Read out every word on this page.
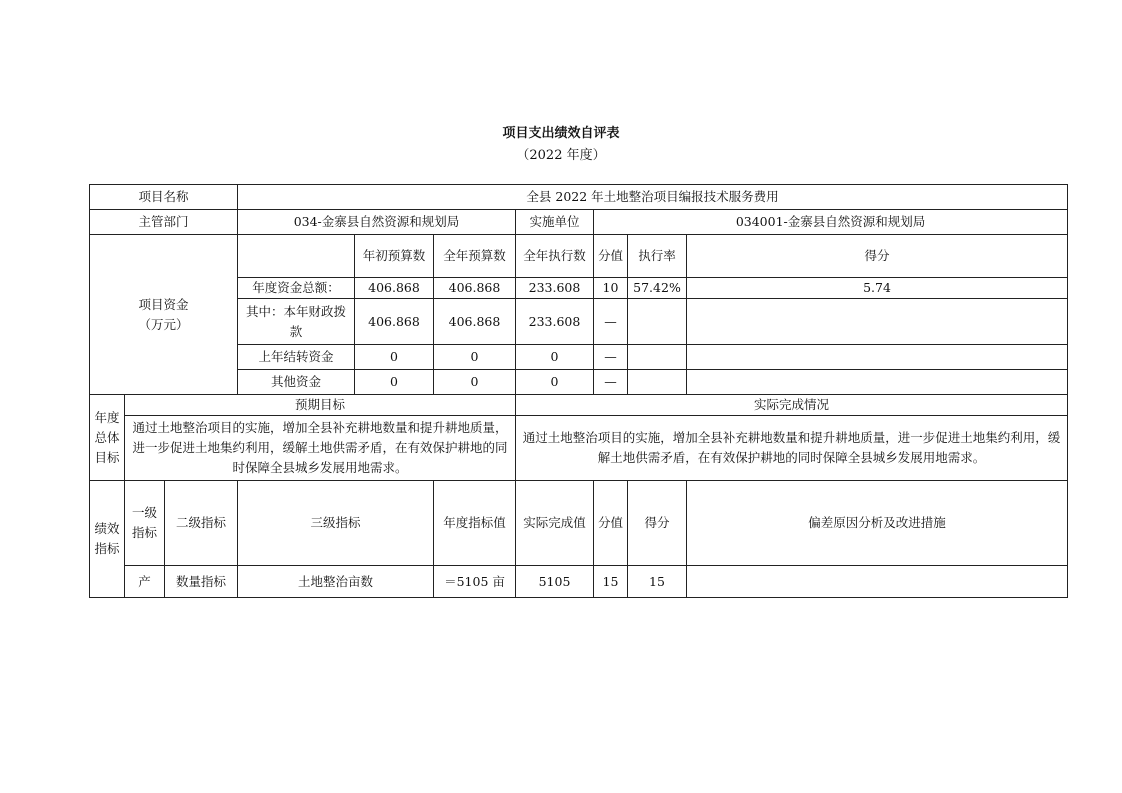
项目支出绩效自评表
（2022 年度）
项目名称			全县 2022 年土地整治项目编报技术服务费用						
主管部门			034-金寨县自然资源和规划局			实施单位	034001-金寨县自然资源和规划局		

项目资金
（万元）				年初预算数	全年预算数	全年执行数	分值	执行率	得分
			年度资金总额：	406.868	406.868	233.608	10	57.42%	5.74
			其中：本年财政拨款	406.868	406.868	233.608	—		
			上年结转资金	0	0	0	—		
			其他资金	0	0	0	—		
年度总体目标	预期目标					实际完成情况			
	通过土地整治项目的实施，增加全县补充耕地数量和提升耕地质量，进一步促进土地集约利用，缓解土地供需矛盾，在有效保护耕地的同时保障全县城乡发展用地需求。					通过土地整治项目的实施，增加全县补充耕地数量和提升耕地质量，进一步促进土地集约利用，缓解土地供需矛盾，在有效保护耕地的同时保障全县城乡发展用地需求。			
绩效指标	一级指标	二级指标	三级指标		年度指标值	实际完成值	分值	得分	偏差原因分析及改进措施
	产	数量指标	土地整治亩数		＝5105 亩	5105	15	15	
